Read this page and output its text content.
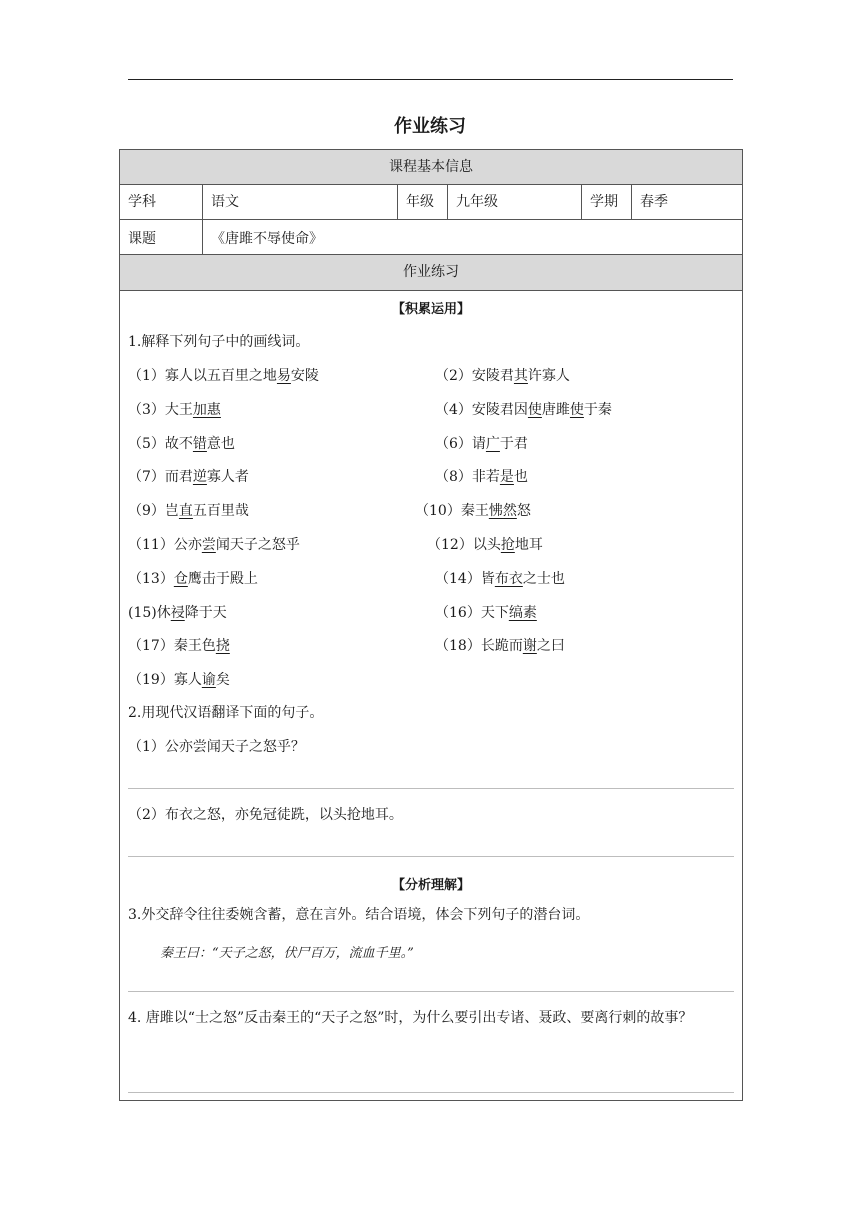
作业练习
课程基本信息
学科	语文	年级 九年级	学期 春季
课题	《唐雎不辱使命》
作业练习
【积累运用】
1.解释下列句子中的画线词。
（1）寡人以五百里之地易安陵	（2）安陵君其许寡人
（3）大王加惠	（4）安陵君因使唐雎使于秦
（5）故不错意也	（6）请广于君
（7）而君逆寡人者	（8）非若是也
（9）岂直五百里哉	（10）秦王怫然怒
（11）公亦尝闻天子之怒乎	（12）以头抢地耳
（13）仓鹰击于殿上	（14）皆布衣之士也
(15)休祲降于天	（16）天下缟素
（17）秦王色挠	（18）长跪而谢之曰
（19）寡人谕矣
2.用现代汉语翻译下面的句子。
（1）公亦尝闻天子之怒乎？
（2）布衣之怒，亦免冠徒跣，以头抢地耳。
【分析理解】
3.外交辞令往往委婉含蓄，意在言外。结合语境，体会下列句子的潜台词。
秦王曰：“天子之怒，伏尸百万，流血千里。”
4. 唐雎以“士之怒”反击秦王的“天子之怒”时，为什么要引出专诸、聂政、要离行刺的故事？
